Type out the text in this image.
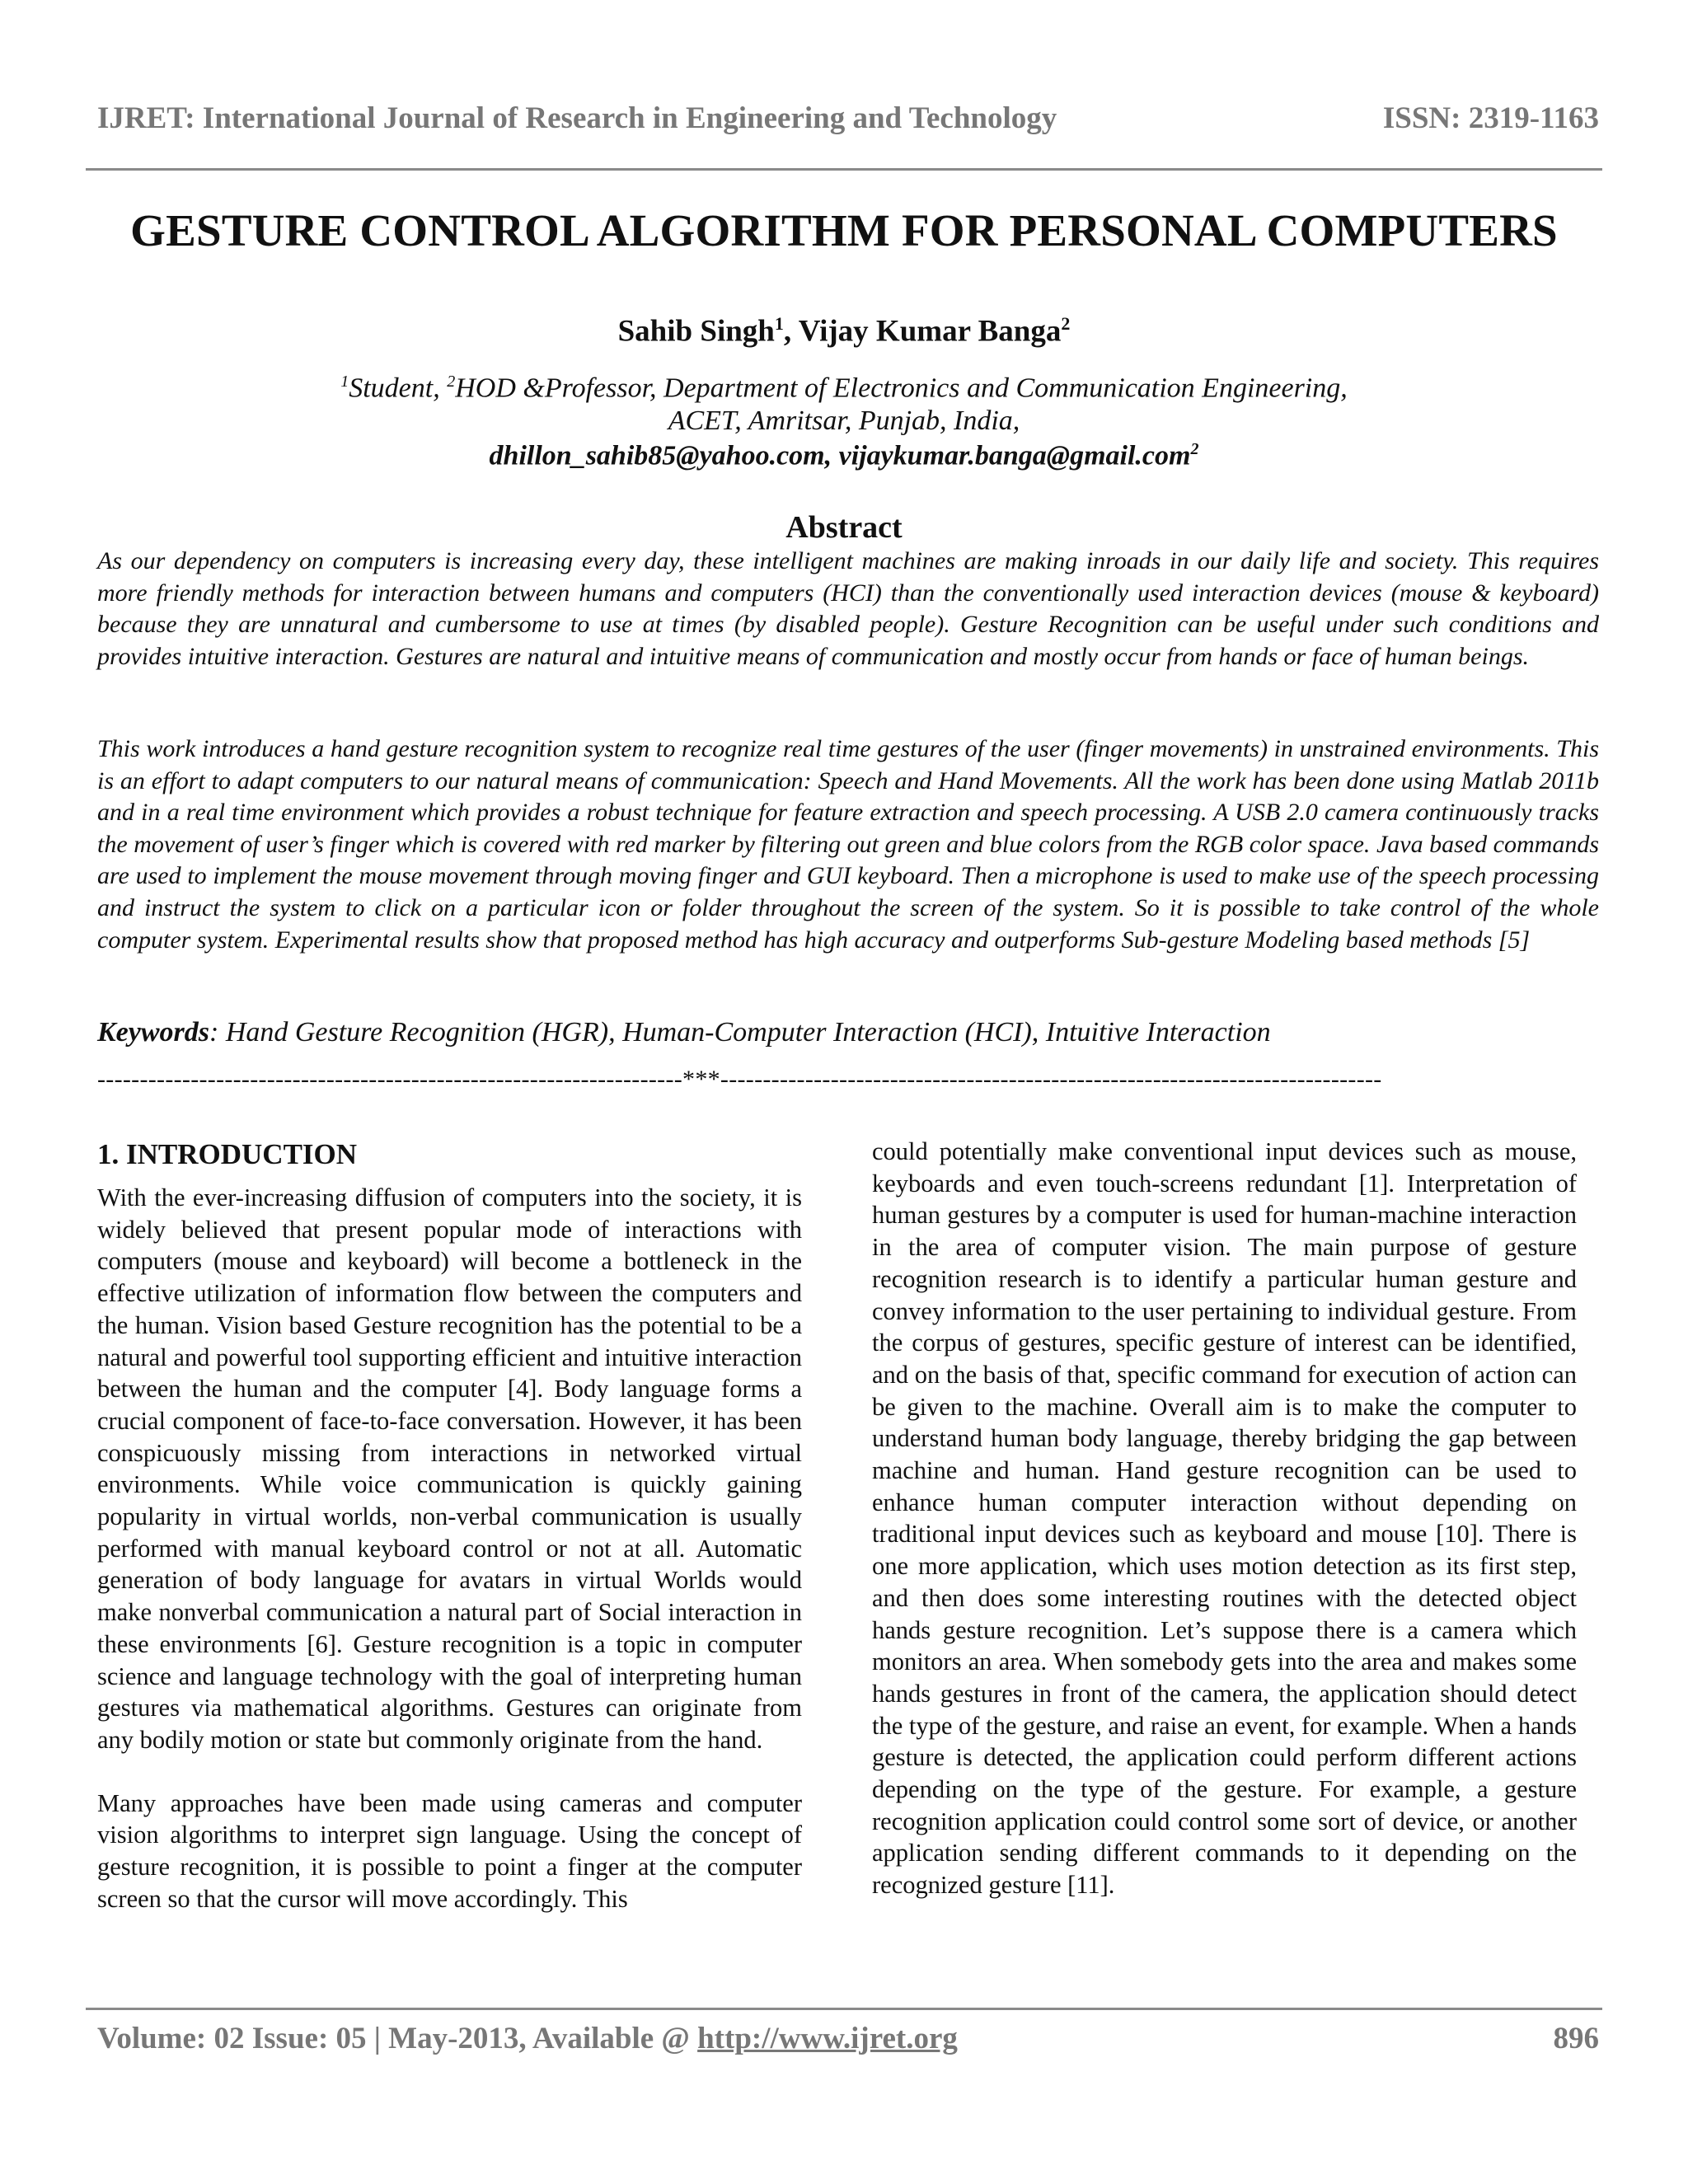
IJRET: International Journal of Research in Engineering and Technology	ISSN: 2319-1163
GESTURE CONTROL ALGORITHM FOR PERSONAL COMPUTERS
Sahib Singh$^1$, Vijay Kumar Banga$^2$
$^1$Student, $^2$HOD &Professor, Department of Electronics and Communication Engineering,
ACET, Amritsar, Punjab, India,
dhillon_sahib85@yahoo.com, vijaykumar.banga@gmail.com$^2$
Abstract

As our dependency on computers is increasing every day, these intelligent machines are making inroads in our daily life and society. This requires more friendly methods for interaction between humans and computers (HCI) than the conventionally used interaction devices (mouse & keyboard) because they are unnatural and cumbersome to use at times (by disabled people). Gesture Recognition can be useful under such conditions and provides intuitive interaction. Gestures are natural and intuitive means of communication and mostly occur from hands or face of human beings.

This work introduces a hand gesture recognition system to recognize real time gestures of the user (finger movements) in unstrained environments. This is an effort to adapt computers to our natural means of communication: Speech and Hand Movements. All the work has been done using Matlab 2011b and in a real time environment which provides a robust technique for feature extraction and speech processing. A USB 2.0 camera continuously tracks the movement of user’s finger which is covered with red marker by filtering out green and blue colors from the RGB color space. Java based commands are used to implement the mouse movement through moving finger and GUI keyboard. Then a microphone is used to make use of the speech processing and instruct the system to click on a particular icon or folder throughout the screen of the system. So it is possible to take control of the whole computer system. Experimental results show that proposed method has high accuracy and outperforms Sub-gesture Modeling based methods [5]

Keywords: Hand Gesture Recognition (HGR), Human-Computer Interaction (HCI), Intuitive Interaction
---------------------------------------------------------------------***------------------------------------------------------------------------------
1. INTRODUCTION

With the ever-increasing diffusion of computers into the society, it is widely believed that present popular mode of interactions with computers (mouse and keyboard) will become a bottleneck in the effective utilization of information flow between the computers and the human. Vision based Gesture recognition has the potential to be a natural and powerful tool supporting efficient and intuitive interaction between the human and the computer [4]. Body language forms a crucial component of face-to-face conversation. However, it has been conspicuously missing from interactions in networked virtual environments. While voice communication is quickly gaining popularity in virtual worlds, non-verbal communication is usually performed with manual keyboard control or not at all. Automatic generation of body language for avatars in virtual Worlds would make nonverbal communication a natural part of Social interaction in these environments [6]. Gesture recognition is a topic in computer science and language technology with the goal of interpreting human gestures via mathematical algorithms. Gestures can originate from any bodily motion or state but commonly originate from the hand.

Many approaches have been made using cameras and computer vision algorithms to interpret sign language. Using the concept of gesture recognition, it is possible to point a finger at the computer screen so that the cursor will move accordingly. This

could potentially make conventional input devices such as mouse, keyboards and even touch-screens redundant [1]. Interpretation of human gestures by a computer is used for human-machine interaction in the area of computer vision. The main purpose of gesture recognition research is to identify a particular human gesture and convey information to the user pertaining to individual gesture. From the corpus of gestures, specific gesture of interest can be identified, and on the basis of that, specific command for execution of action can be given to the machine. Overall aim is to make the computer to understand human body language, thereby bridging the gap between machine and human. Hand gesture recognition can be used to enhance human computer interaction without depending on traditional input devices such as keyboard and mouse [10]. There is one more application, which uses motion detection as its first step, and then does some interesting routines with the detected object hands gesture recognition. Let’s suppose there is a camera which monitors an area. When somebody gets into the area and makes some hands gestures in front of the camera, the application should detect the type of the gesture, and raise an event, for example. When a hands gesture is detected, the application could perform different actions depending on the type of the gesture. For example, a gesture recognition application could control some sort of device, or another application sending different commands to it depending on the recognized gesture [11].

Volume: 02 Issue: 05 | May-2013, Available @ http://www.ijret.org	896
